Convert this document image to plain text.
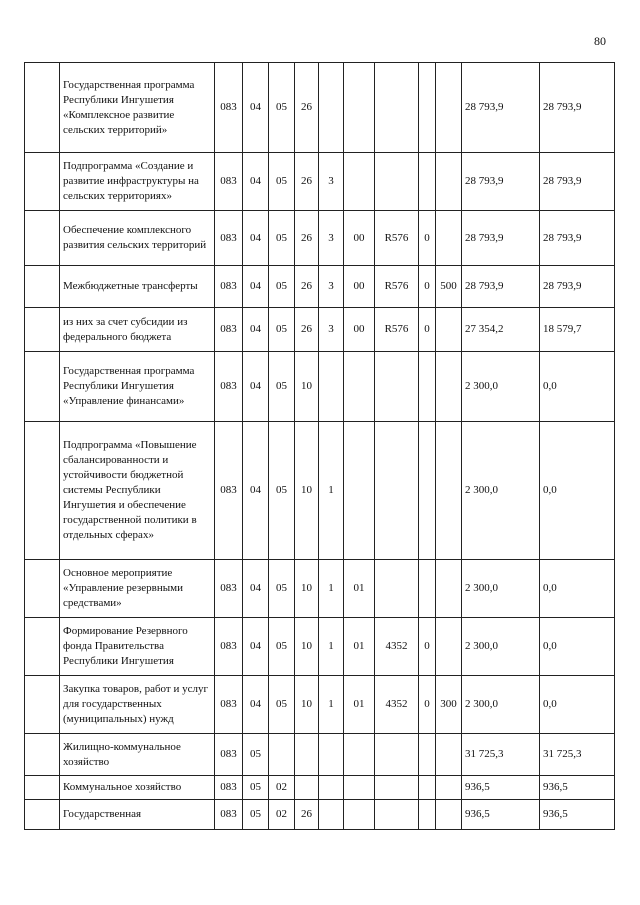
80
	Государственная программа Республики Ингушетия «Комплексное развитие сельских территорий»	083	04	05	26						28 793,9	28 793,9
	Подпрограмма «Создание и развитие инфраструктуры на сельских территориях»	083	04	05	26	3					28 793,9	28 793,9
	Обеспечение комплексного развития сельских территорий	083	04	05	26	3	00	R576	0		28 793,9	28 793,9
	Межбюджетные трансферты	083	04	05	26	3	00	R576	0	500	28 793,9	28 793,9
	из них за счет субсидии из федерального бюджета	083	04	05	26	3	00	R576	0		27 354,2	18 579,7
	Государственная программа Республики Ингушетия «Управление финансами»	083	04	05	10						2 300,0	0,0
	Подпрограмма «Повышение сбалансированности и устойчивости бюджетной системы Республики Ингушетия и обеспечение государственной политики в отдельных сферах»	083	04	05	10	1					2 300,0	0,0
	Основное мероприятие «Управление резервными средствами»	083	04	05	10	1	01				2 300,0	0,0
	Формирование Резервного фонда Правительства Республики Ингушетия	083	04	05	10	1	01	4352	0		2 300,0	0,0
	Закупка товаров, работ и услуг для государственных (муниципальных) нужд	083	04	05	10	1	01	4352	0	300	2 300,0	0,0
	Жилищно-коммунальное хозяйство	083	05								31 725,3	31 725,3
	Коммунальное хозяйство	083	05	02							936,5	936,5
	Государственная	083	05	02	26						936,5	936,5
